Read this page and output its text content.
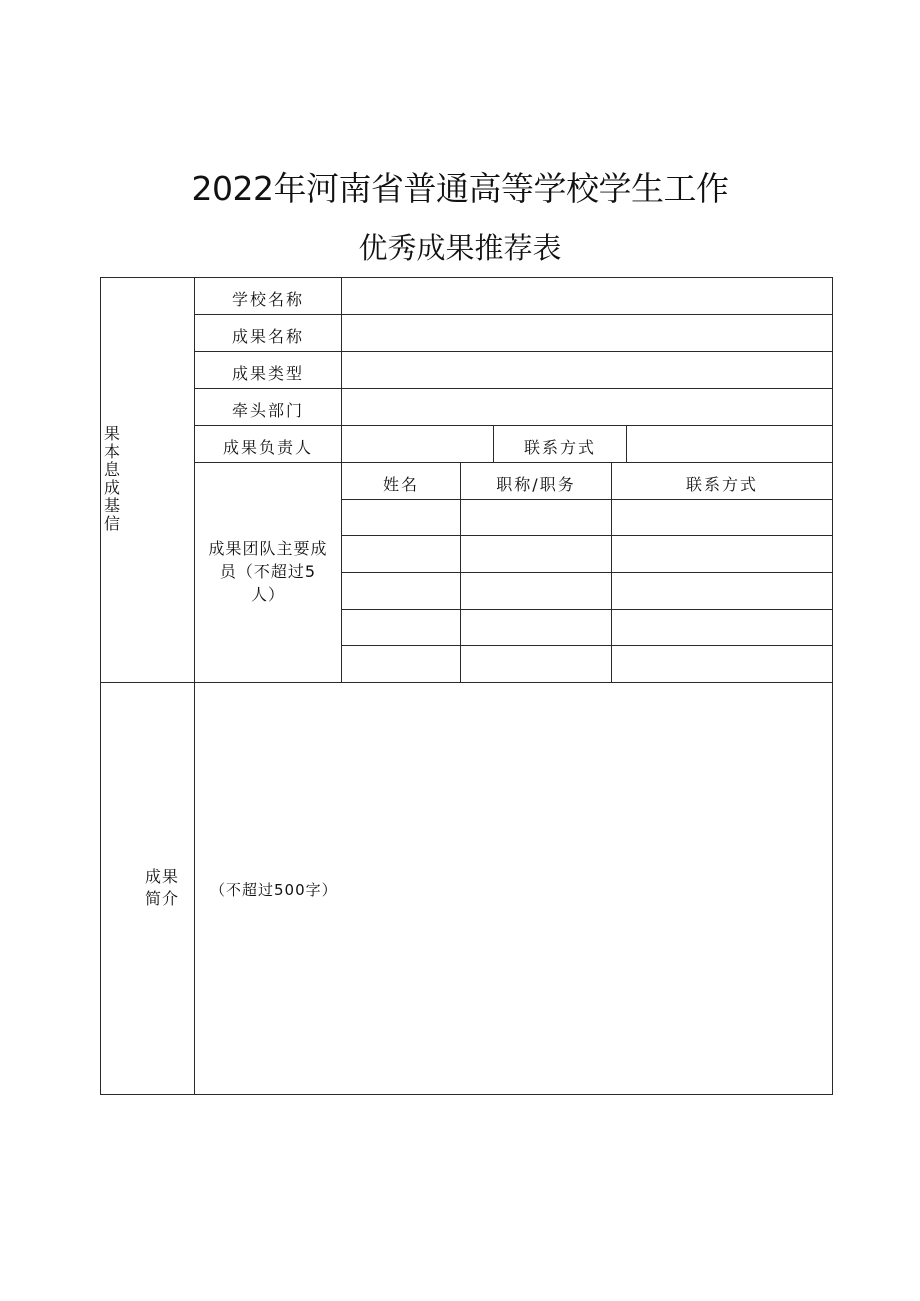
2022年河南省普通高等学校学生工作
优秀成果推荐表
果本息成基信
学校名称
成果名称
成果类型
牵头部门
成果负责人	联系方式
成果团队主要成
员（不超过5
人）
姓名	职称/职务	联系方式
成果
简介	（不超过500字）
